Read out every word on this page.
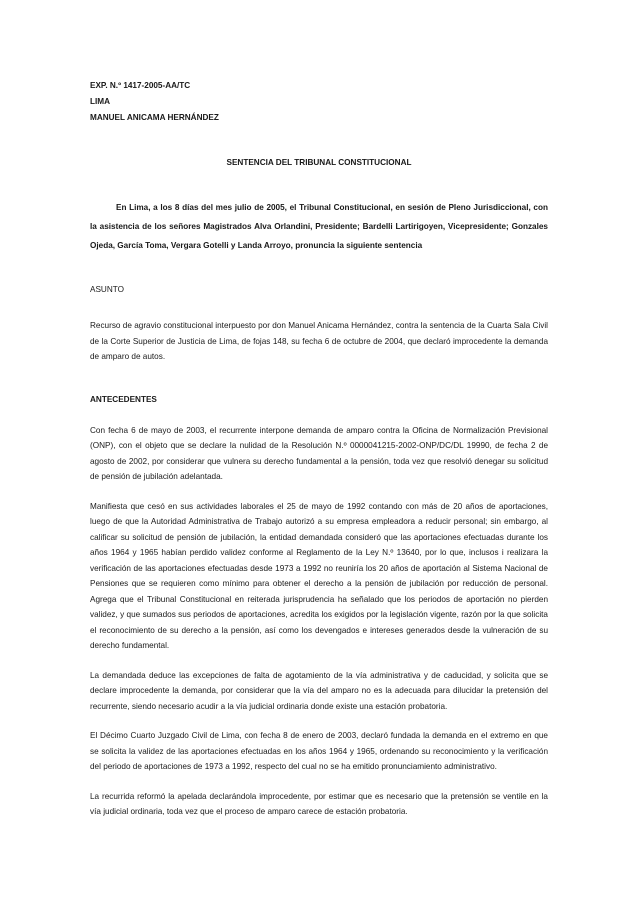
EXP. N.º 1417-2005-AA/TC

LIMA

MANUEL ANICAMA HERNÁNDEZ

SENTENCIA DEL TRIBUNAL CONSTITUCIONAL

En Lima, a los 8 días del mes julio de 2005, el Tribunal Constitucional, en sesión de Pleno Jurisdiccional, con la asistencia de los señores Magistrados Alva Orlandini, Presidente; Bardelli Lartirigoyen, Vicepresidente; Gonzales Ojeda, García Toma, Vergara Gotelli y Landa Arroyo, pronuncia la siguiente sentencia

ASUNTO

Recurso de agravio constitucional interpuesto por don Manuel Anicama Hernández, contra la sentencia de la Cuarta Sala Civil de la Corte Superior de Justicia de Lima, de fojas 148, su fecha 6 de octubre de 2004, que declaró improcedente la demanda de amparo de autos.

ANTECEDENTES

Con fecha 6 de mayo de 2003, el recurrente interpone demanda de amparo contra la Oficina de Normalización Previsional (ONP), con el objeto que se declare la nulidad de la Resolución N.º 0000041215-2002-ONP/DC/DL 19990, de fecha 2 de agosto de 2002, por considerar que vulnera su derecho fundamental a la pensión, toda vez que resolvió denegar su solicitud de pensión de jubilación adelantada.

Manifiesta que cesó en sus actividades laborales el 25 de mayo de 1992 contando con más de 20 años de aportaciones, luego de que la Autoridad Administrativa de Trabajo autorizó a su empresa empleadora a reducir personal; sin embargo, al calificar su solicitud de pensión de jubilación, la entidad demandada consideró que las aportaciones efectuadas durante los años 1964 y 1965 habían perdido validez conforme al Reglamento de la Ley N.º 13640, por lo que, inclusos i realizara la verificación de las aportaciones efectuadas desde 1973 a 1992 no reuniría los 20 años de aportación al Sistema Nacional de Pensiones que se requieren como mínimo para obtener el derecho a la pensión de jubilación por reducción de personal. Agrega que el Tribunal Constitucional en reiterada jurisprudencia ha señalado que los periodos de aportación no pierden validez, y que sumados sus periodos de aportaciones, acredita los exigidos por la legislación vigente, razón por la que solicita el reconocimiento de su derecho a la pensión, así como los devengados e intereses generados desde la vulneración de su derecho fundamental.

La demandada deduce las excepciones de falta de agotamiento de la vía administrativa y de caducidad, y solicita que se declare improcedente la demanda, por considerar que la vía del amparo no es la adecuada para dilucidar la pretensión del recurrente, siendo necesario acudir a la vía judicial ordinaria donde existe una estación probatoria.

El Décimo Cuarto Juzgado Civil de Lima, con fecha 8 de enero de 2003, declaró fundada la demanda en el extremo en que se solicita la validez de las aportaciones efectuadas en los años 1964 y 1965, ordenando su reconocimiento y la verificación del periodo de aportaciones de 1973 a 1992, respecto del cual no se ha emitido pronunciamiento administrativo.

La recurrida reformó la apelada declarándola improcedente, por estimar que es necesario que la pretensión se ventile en la vía judicial ordinaria, toda vez que el proceso de amparo carece de estación probatoria.
